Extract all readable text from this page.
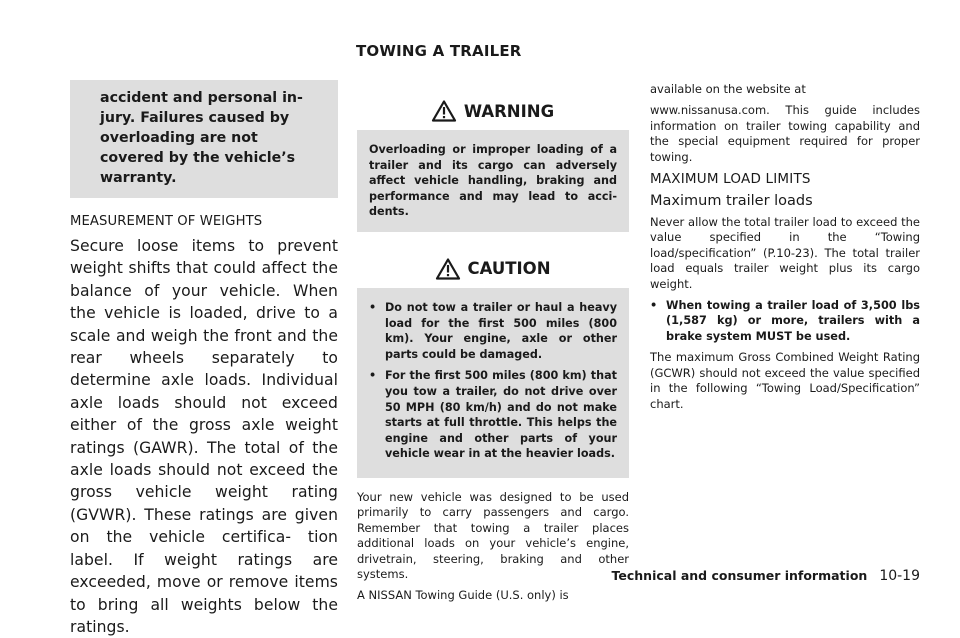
TOWING A TRAILER
accident and personal in- jury. Failures caused by overloading are not covered by the vehicle’s warranty.
MEASUREMENT OF WEIGHTS
Secure loose items to prevent weight shifts that could affect the balance of your vehicle. When the vehicle is loaded, drive to a scale and weigh the front and the rear wheels separately to determine axle loads. Individual axle loads should not exceed either of the gross axle weight ratings (GAWR). The total of the axle loads should not exceed the gross vehicle weight rating (GVWR). These ratings are given on the vehicle certifica- tion label. If weight ratings are exceeded, move or remove items to bring all weights below the ratings.
WARNING
Overloading or improper loading of a trailer and its cargo can adversely affect vehicle handling, braking and performance and may lead to acci- dents.
CAUTION
• Do not tow a trailer or haul a heavy load for the first 500 miles (800 km). Your engine, axle or other parts could be damaged.
• For the first 500 miles (800 km) that you tow a trailer, do not drive over 50 MPH (80 km/h) and do not make starts at full throttle. This helps the engine and other parts of your vehicle wear in at the heavier loads.
Your new vehicle was designed to be used primarily to carry passengers and cargo. Remember that towing a trailer places additional loads on your vehicle’s engine, drivetrain, steering, braking and other systems.
A NISSAN Towing Guide (U.S. only) is
available on the website at
www.nissanusa.com. This guide includes information on trailer towing capability and the special equipment required for proper towing.
MAXIMUM LOAD LIMITS
Maximum trailer loads
Never allow the total trailer load to exceed the value specified in the “Towing load/specification” (P.10-23). The total trailer load equals trailer weight plus its cargo weight.
• When towing a trailer load of 3,500 lbs (1,587 kg) or more, trailers with a brake system MUST be used.
The maximum Gross Combined Weight Rating (GCWR) should not exceed the value specified in the following “Towing Load/Specification” chart.
Technical and consumer information 10-19
